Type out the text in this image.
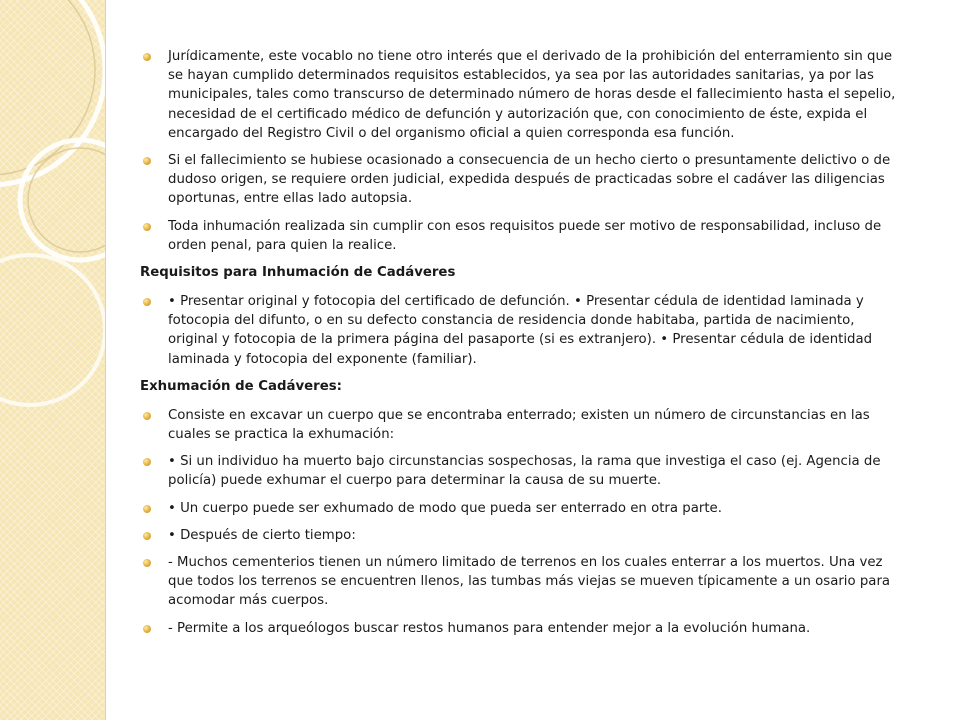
Jurídicamente, este vocablo no tiene otro interés que el derivado de la prohibición del enterramiento sin que se hayan cumplido determinados requisitos establecidos, ya sea por las autoridades sanitarias, ya por las municipales, tales como transcurso de determinado número de horas desde el fallecimiento hasta el sepelio, necesidad de el certificado médico de defunción y autorización que, con conocimiento de éste, expida el encargado del Registro Civil o del organismo oficial a quien corresponda esa función.
Si el fallecimiento se hubiese ocasionado a consecuencia de un hecho cierto o presuntamente delictivo o de dudoso origen, se requiere orden judicial, expedida después de practicadas sobre el cadáver las diligencias oportunas, entre ellas lado autopsia.
Toda inhumación realizada sin cumplir con esos requisitos puede ser motivo de responsabilidad, incluso de orden penal, para quien la realice.
Requisitos para Inhumación de Cadáveres
• Presentar original y fotocopia del certificado de defunción. • Presentar cédula de identidad laminada y fotocopia del difunto, o en su defecto constancia de residencia donde habitaba, partida de nacimiento, original y fotocopia de la primera página del pasaporte (si es extranjero). • Presentar cédula de identidad laminada y fotocopia del exponente (familiar).
Exhumación de Cadáveres:
Consiste en excavar un cuerpo que se encontraba enterrado; existen un número de circunstancias en las cuales se practica la exhumación:
• Si un individuo ha muerto bajo circunstancias sospechosas, la rama que investiga el caso (ej. Agencia de policía) puede exhumar el cuerpo para determinar la causa de su muerte.
• Un cuerpo puede ser exhumado de modo que pueda ser enterrado en otra parte.
• Después de cierto tiempo:
- Muchos cementerios tienen un número limitado de terrenos en los cuales enterrar a los muertos. Una vez que todos los terrenos se encuentren llenos, las tumbas más viejas se mueven típicamente a un osario para acomodar más cuerpos.
- Permite a los arqueólogos buscar restos humanos para entender mejor a la evolución humana.
